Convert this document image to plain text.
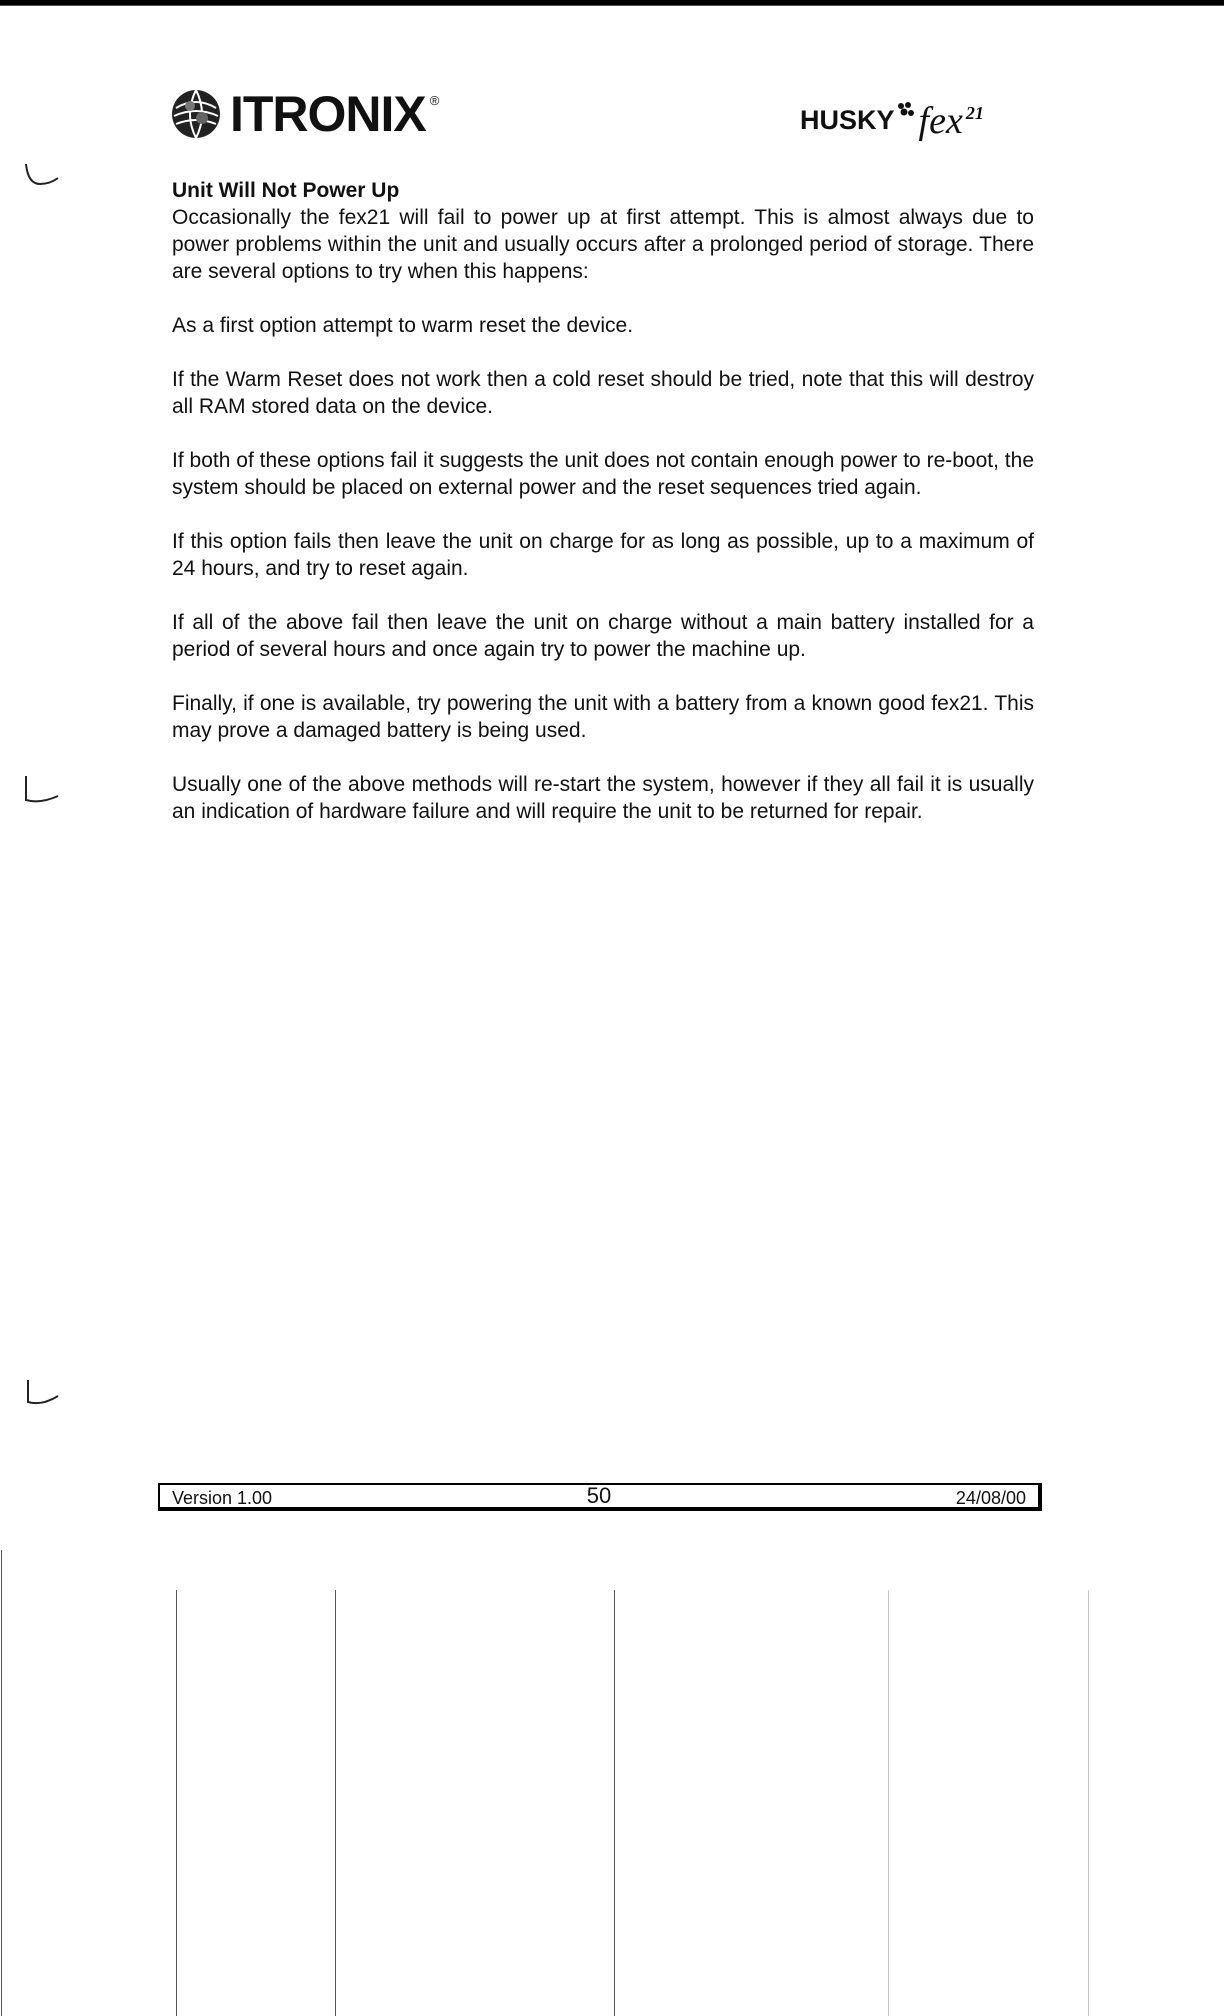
ITRONIX ®
HUSKY fex 21

Unit Will Not Power Up

Occasionally the fex21 will fail to power up at first attempt. This is almost always due to power problems within the unit and usually occurs after a prolonged period of storage. There are several options to try when this happens:

As a first option attempt to warm reset the device.

If the Warm Reset does not work then a cold reset should be tried, note that this will destroy all RAM stored data on the device.

If both of these options fail it suggests the unit does not contain enough power to re-boot, the system should be placed on external power and the reset sequences tried again.

If this option fails then leave the unit on charge for as long as possible, up to a maximum of 24 hours, and try to reset again.

If all of the above fail then leave the unit on charge without a main battery installed for a period of several hours and once again try to power the machine up.

Finally, if one is available, try powering the unit with a battery from a known good fex21. This may prove a damaged battery is being used.

Usually one of the above methods will re-start the system, however if they all fail it is usually an indication of hardware failure and will require the unit to be returned for repair.

Version 1.00	50	24/08/00
